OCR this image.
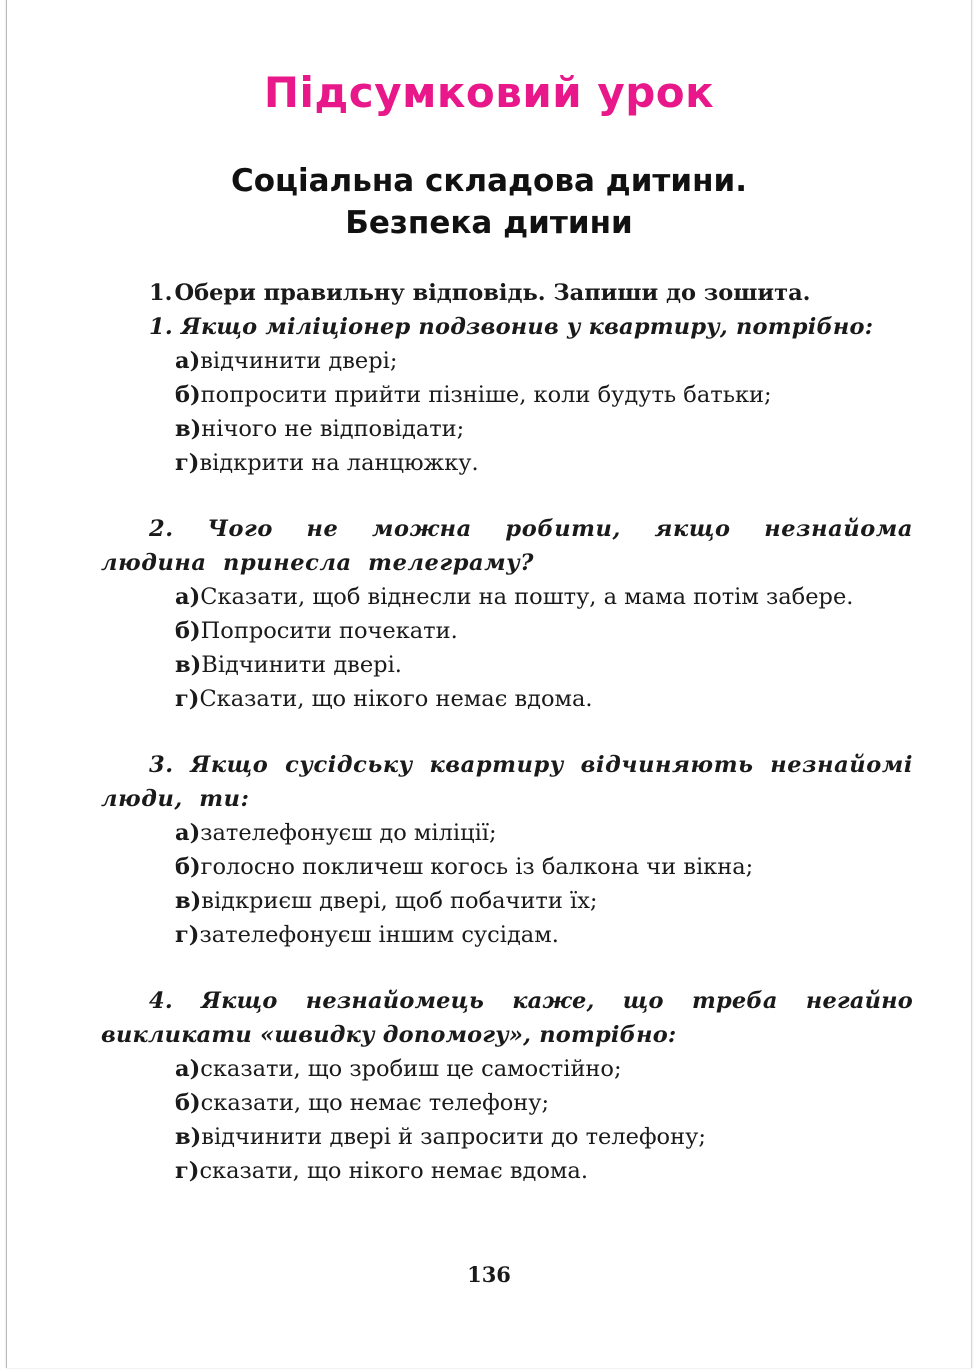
Підсумковий урок
Соціальна складова дитини.
Безпека дитини
1.Обери правильну відповідь. Запиши до зошита.
1. Якщо міліціонер подзвонив у квартиру, потрібно:
а)відчинити двері;
б)попросити прийти пізніше, коли будуть батьки;
в)нічого не відповідати;
г)відкрити на ланцюжку.
2. Чого не можна робити, якщо незнайома людина принесла телеграму?
а)Сказати, щоб віднесли на пошту, а мама потім забере.
б)Попросити почекати.
в)Відчинити двері.
г)Сказати, що нікого немає вдома.
3. Якщо сусідську квартиру відчиняють незнайомі люди, ти:
а)зателефонуєш до міліції;
б)голосно покличеш когось із балкона чи вікна;
в)відкриєш двері, щоб побачити їх;
г)зателефонуєш іншим сусідам.
4. Якщо незнайомець каже, що треба негайно викликати «швидку допомогу», потрібно:
а)сказати, що зробиш це самостійно;
б)сказати, що немає телефону;
в)відчинити двері й запросити до телефону;
г)сказати, що нікого немає вдома.
136
